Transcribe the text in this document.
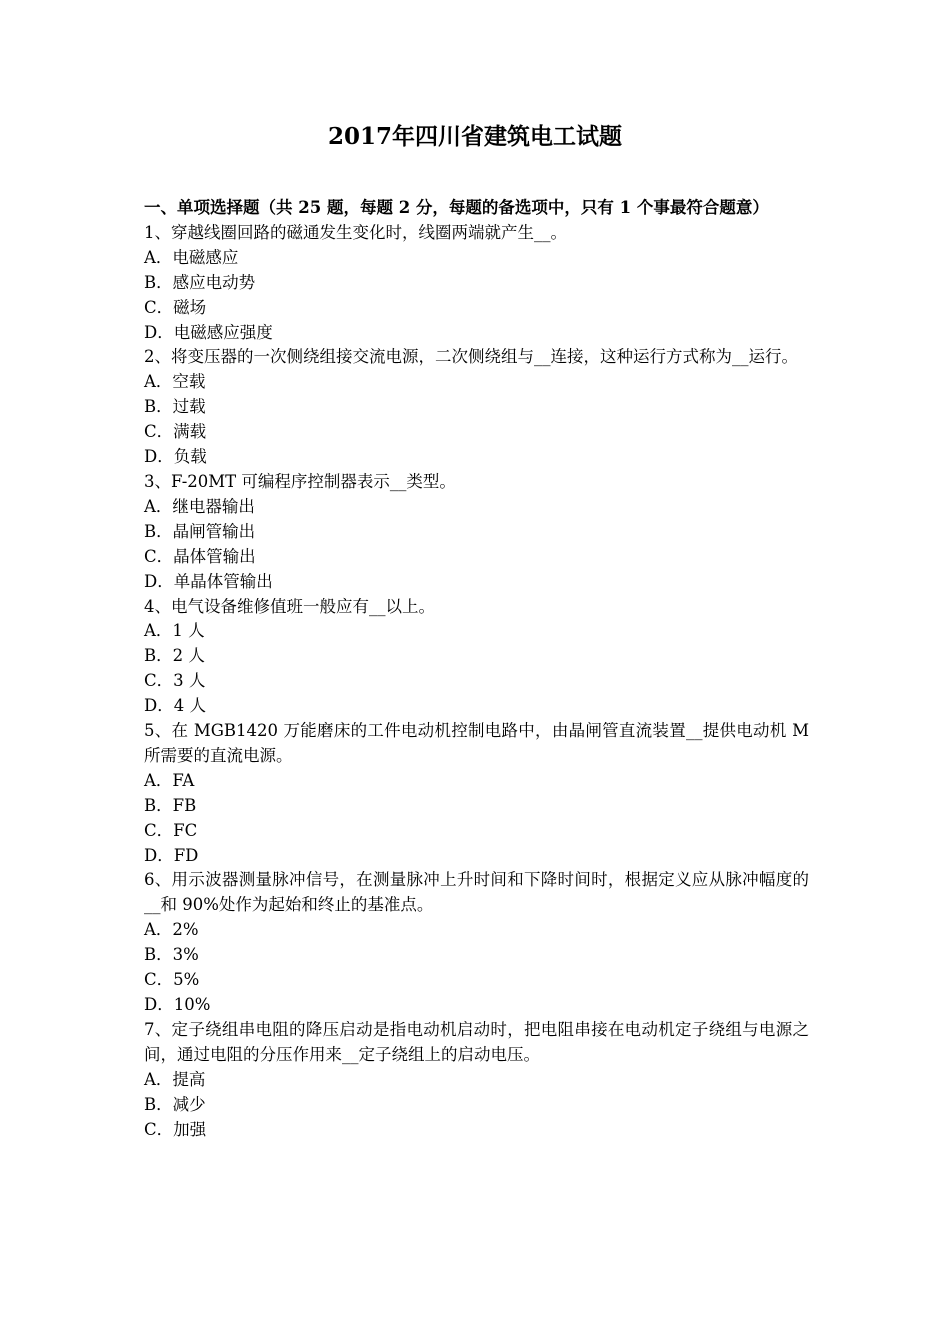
2017年四川省建筑电工试题
一、单项选择题（共 25 题，每题 2 分，每题的备选项中，只有 1 个事最符合题意）
1、穿越线圈回路的磁通发生变化时，线圈两端就产生__。
A．电磁感应
B．感应电动势
C．磁场
D．电磁感应强度
2、将变压器的一次侧绕组接交流电源，二次侧绕组与__连接，这种运行方式称为__运行。
A．空载
B．过载
C．满载
D．负载
3、F-20MT 可编程序控制器表示__类型。
A．继电器输出
B．晶闸管输出
C．晶体管输出
D．单晶体管输出
4、电气设备维修值班一般应有__以上。
A．1 人
B．2 人
C．3 人
D．4 人
5、在 MGB1420 万能磨床的工件电动机控制电路中，由晶闸管直流装置__提供电动机 M 所需要的直流电源。
A．FA
B．FB
C．FC
D．FD
6、用示波器测量脉冲信号，在测量脉冲上升时间和下降时间时，根据定义应从脉冲幅度的__和 90%处作为起始和终止的基准点。
A．2%
B．3%
C．5%
D．10%
7、定子绕组串电阻的降压启动是指电动机启动时，把电阻串接在电动机定子绕组与电源之间，通过电阻的分压作用来__定子绕组上的启动电压。
A．提高
B．减少
C．加强
